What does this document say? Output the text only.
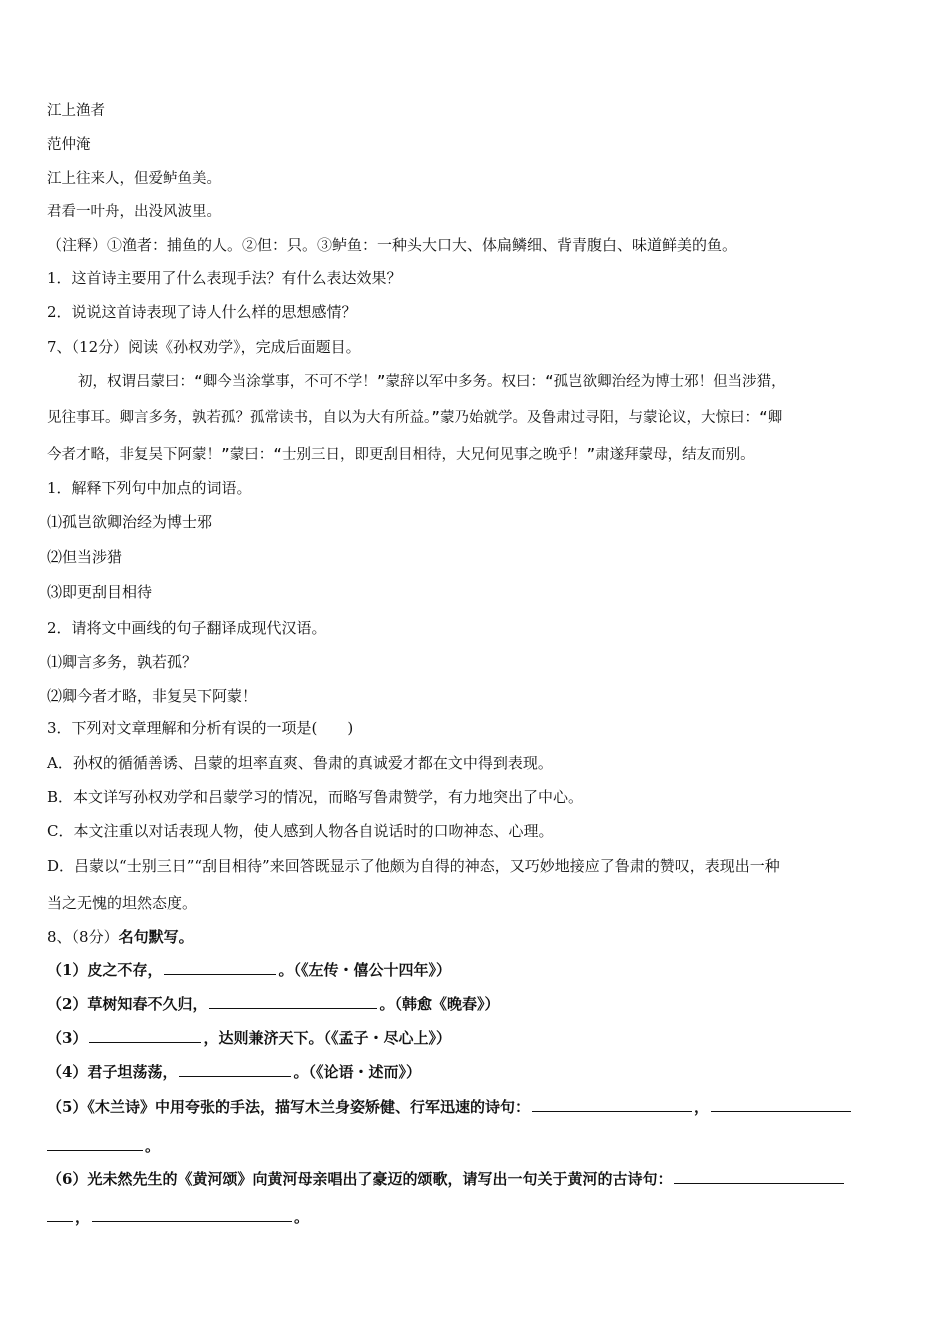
江上渔者
范仲淹
江上往来人，但爱鲈鱼美。
君看一叶舟，出没风波里。
（注释）①渔者：捕鱼的人。②但：只。③鲈鱼：一种头大口大、体扁鳞细、背青腹白、味道鲜美的鱼。
1．这首诗主要用了什么表现手法？有什么表达效果？
2．说说这首诗表现了诗人什么样的思想感情？
7、（12分）阅读《孙权劝学》，完成后面题目。
初，权谓吕蒙曰：“卿今当涂掌事，不可不学！”蒙辞以军中多务。权曰：“孤岂欲卿治经为博士邪！但当涉猎，
见往事耳。卿言多务，孰若孤？孤常读书，自以为大有所益。”蒙乃始就学。及鲁肃过寻阳，与蒙论议，大惊曰：“卿
今者才略，非复吴下阿蒙！”蒙曰：“士别三日，即更刮目相待，大兄何见事之晚乎！”肃遂拜蒙母，结友而别。
1．解释下列句中加点的词语。
⑴孤岂欲卿治经为博士邪
⑵但当涉猎
⑶即更刮目相待
2．请将文中画线的句子翻译成现代汉语。
⑴卿言多务，孰若孤？
⑵卿今者才略，非复吴下阿蒙！
3．下列对文章理解和分析有误的一项是(　　)
A．孙权的循循善诱、吕蒙的坦率直爽、鲁肃的真诚爱才都在文中得到表现。
B．本文详写孙权劝学和吕蒙学习的情况，而略写鲁肃赞学，有力地突出了中心。
C．本文注重以对话表现人物，使人感到人物各自说话时的口吻神态、心理。
D．吕蒙以“士别三日”“刮目相待”来回答既显示了他颇为自得的神态，又巧妙地接应了鲁肃的赞叹，表现出一种
当之无愧的坦然态度。
8、（8分）名句默写。
（1）皮之不存，	。（《左传・僖公十四年》）
（2）草树知春不久归，	。（韩愈《晚春》）
（3）	，达则兼济天下。（《孟子・尽心上》）
（4）君子坦荡荡，	。（《论语・述而》）
（5）《木兰诗》中用夸张的手法，描写木兰身姿矫健、行军迅速的诗句：	，
。
（6）光未然先生的《黄河颂》向黄河母亲唱出了豪迈的颂歌，请写出一句关于黄河的古诗句：
，	。
